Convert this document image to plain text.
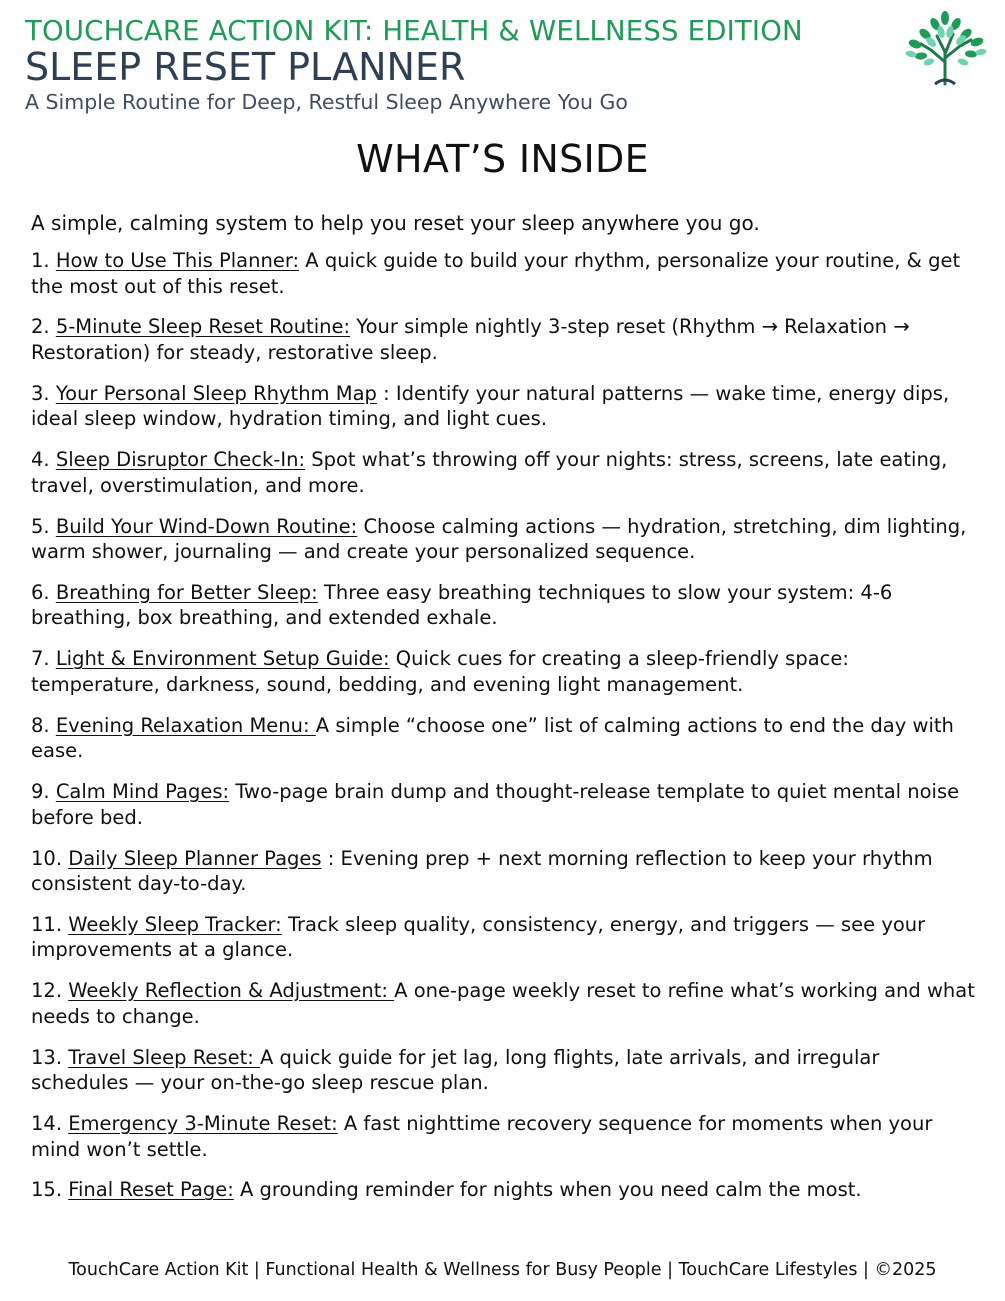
TOUCHCARE ACTION KIT: HEALTH & WELLNESS EDITION
SLEEP RESET PLANNER
A Simple Routine for Deep, Restful Sleep Anywhere You Go
WHAT’S INSIDE
A simple, calming system to help you reset your sleep anywhere you go.
1. How to Use This Planner: A quick guide to build your rhythm, personalize your routine, & get the most out of this reset.
2. 5-Minute Sleep Reset Routine: Your simple nightly 3-step reset (Rhythm → Relaxation → Restoration) for steady, restorative sleep.
3. Your Personal Sleep Rhythm Map : Identify your natural patterns — wake time, energy dips, ideal sleep window, hydration timing, and light cues.
4. Sleep Disruptor Check-In: Spot what’s throwing off your nights: stress, screens, late eating, travel, overstimulation, and more.
5. Build Your Wind-Down Routine: Choose calming actions — hydration, stretching, dim lighting, warm shower, journaling — and create your personalized sequence.
6. Breathing for Better Sleep: Three easy breathing techniques to slow your system: 4-6 breathing, box breathing, and extended exhale.
7. Light & Environment Setup Guide: Quick cues for creating a sleep-friendly space: temperature, darkness, sound, bedding, and evening light management.
8. Evening Relaxation Menu: A simple “choose one” list of calming actions to end the day with ease.
9. Calm Mind Pages: Two-page brain dump and thought-release template to quiet mental noise before bed.
10. Daily Sleep Planner Pages : Evening prep + next morning reflection to keep your rhythm consistent day-to-day.
11. Weekly Sleep Tracker: Track sleep quality, consistency, energy, and triggers — see your improvements at a glance.
12. Weekly Reflection & Adjustment: A one-page weekly reset to refine what’s working and what needs to change.
13. Travel Sleep Reset: A quick guide for jet lag, long flights, late arrivals, and irregular schedules — your on-the-go sleep rescue plan.
14. Emergency 3-Minute Reset: A fast nighttime recovery sequence for moments when your mind won’t settle.
15. Final Reset Page: A grounding reminder for nights when you need calm the most.
TouchCare Action Kit | Functional Health & Wellness for Busy People | TouchCare Lifestyles | ©2025
